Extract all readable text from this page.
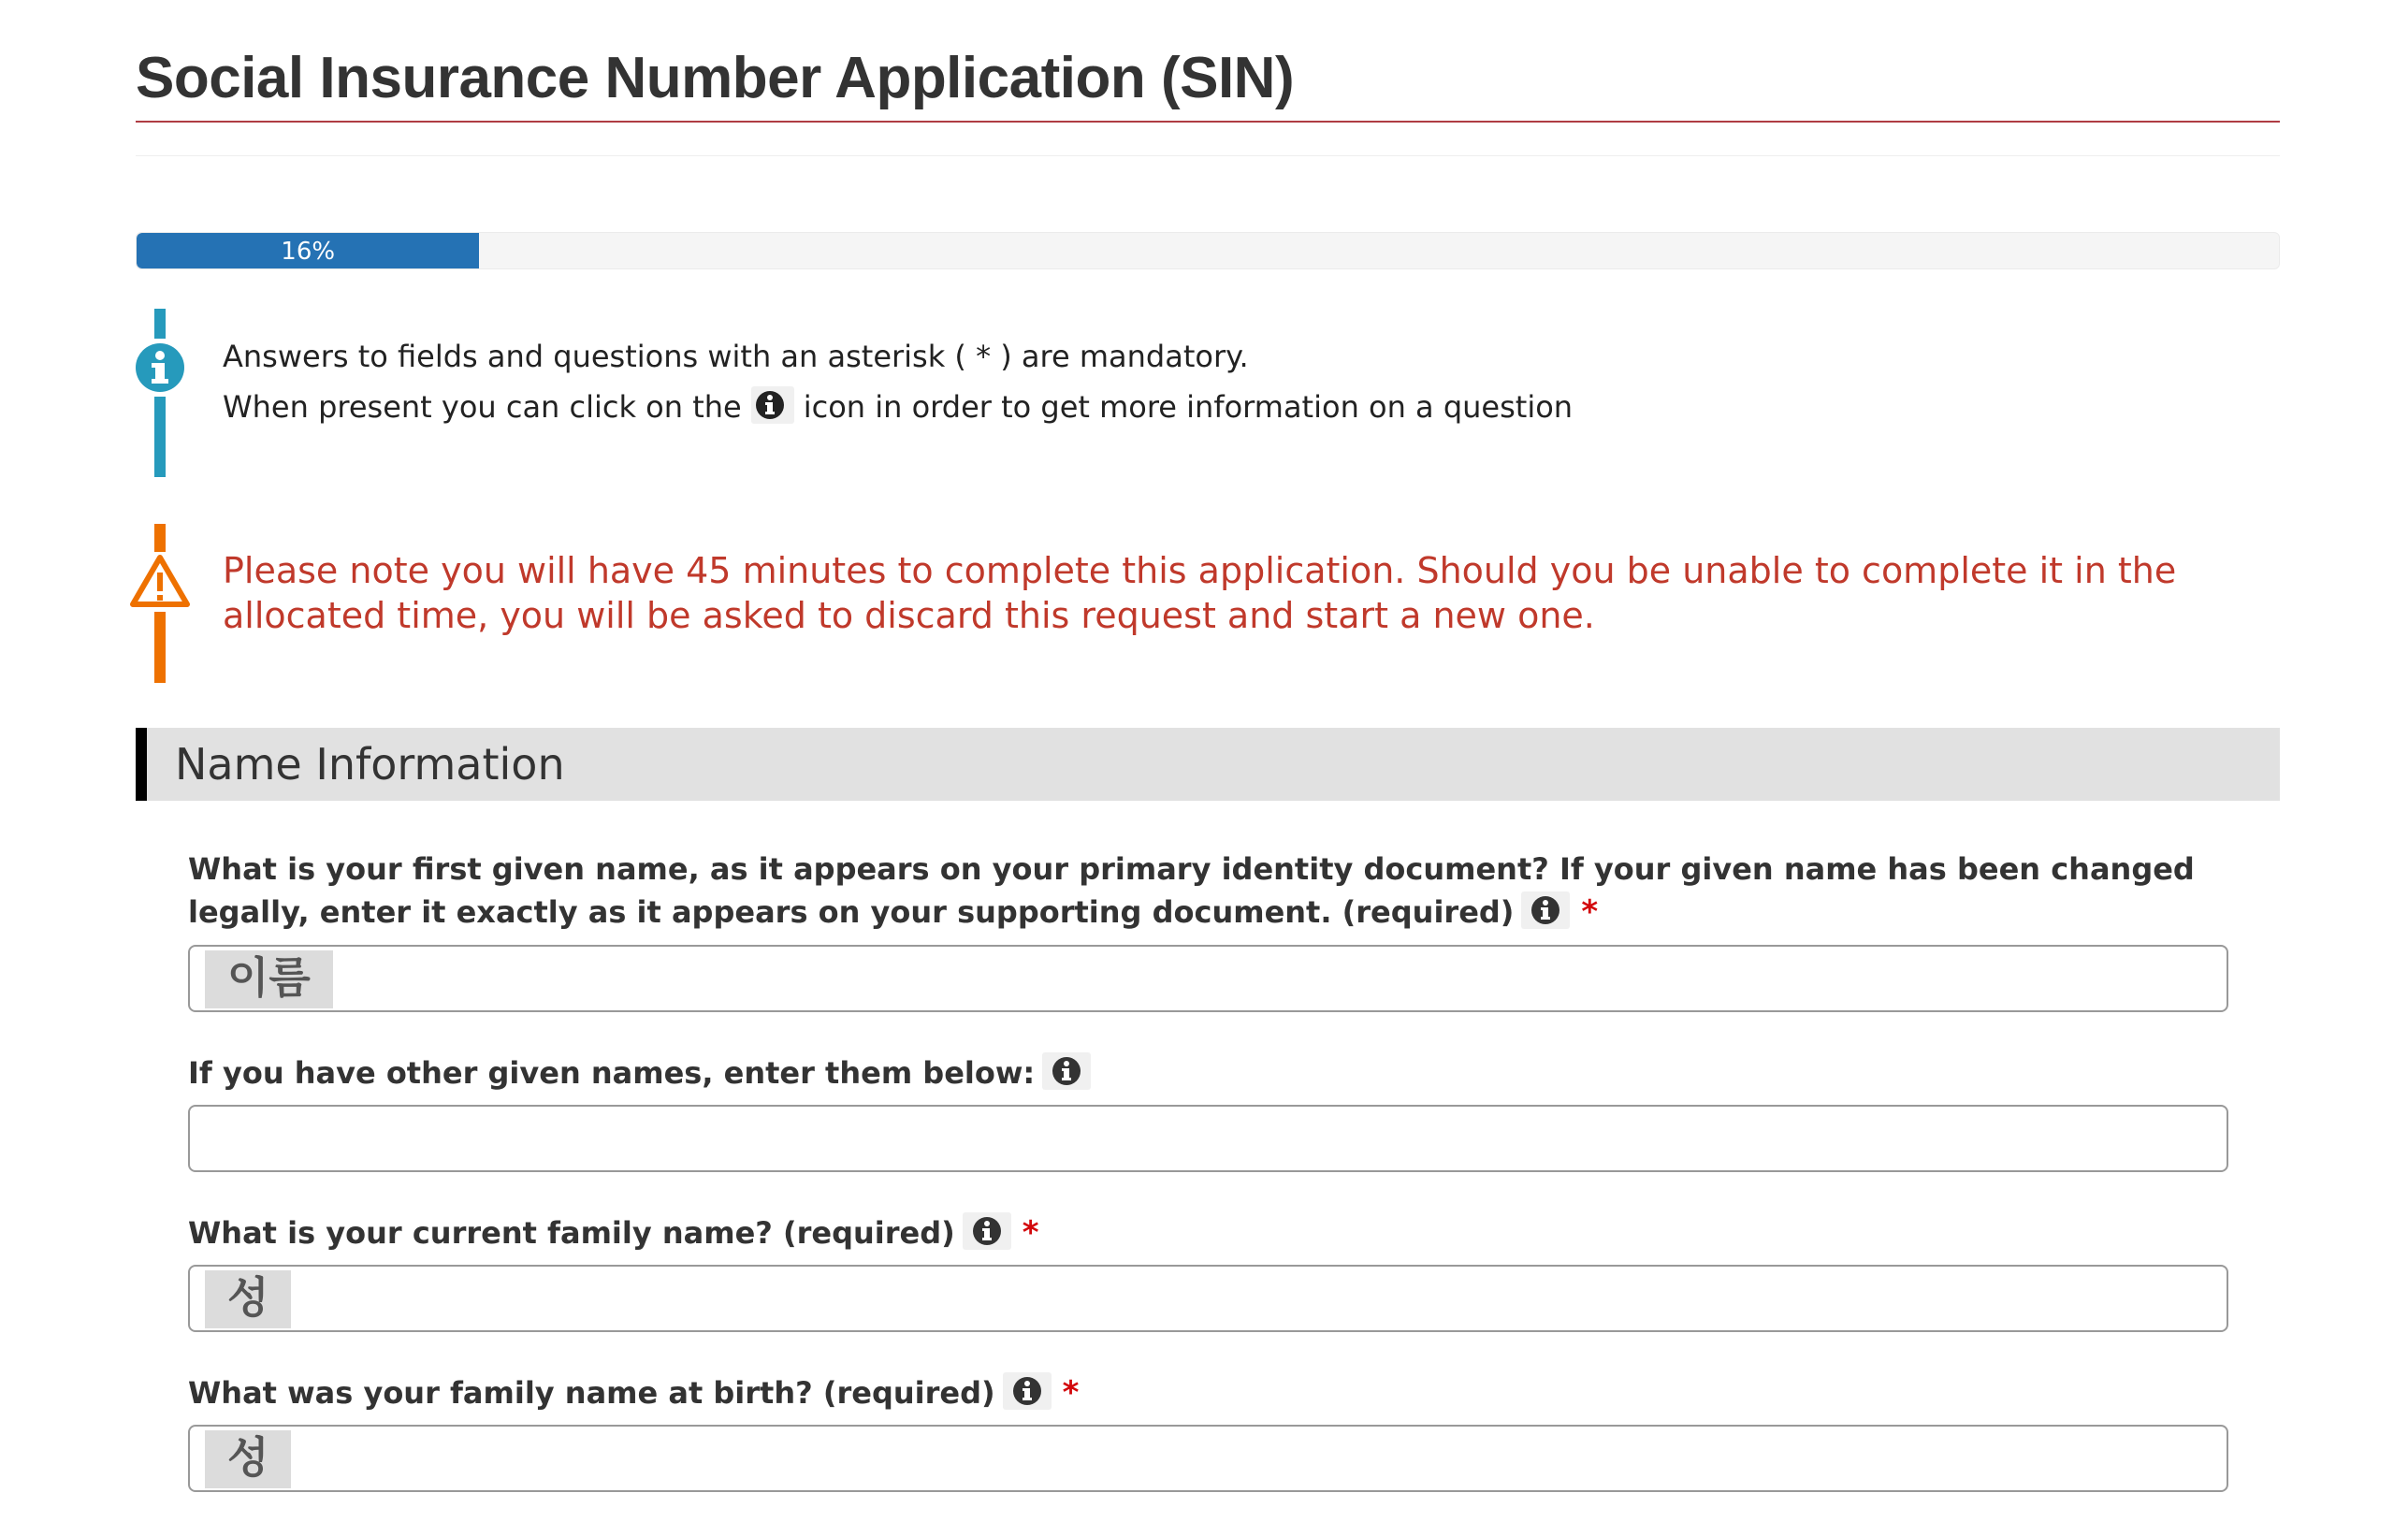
Social Insurance Number Application (SIN)
16%
Answers to fields and questions with an asterisk ( * ) are mandatory.
When present you can click on the icon in order to get more information on a question
Please note you will have 45 minutes to complete this application. Should you be unable to complete it in the allocated time, you will be asked to discard this request and start a new one.
Name Information
What is your first given name, as it appears on your primary identity document? If your given name has been changed legally, enter it exactly as it appears on your supporting document. (required) *
이름
If you have other given names, enter them below:
What is your current family name? (required) *
성
What was your family name at birth? (required) *
성
